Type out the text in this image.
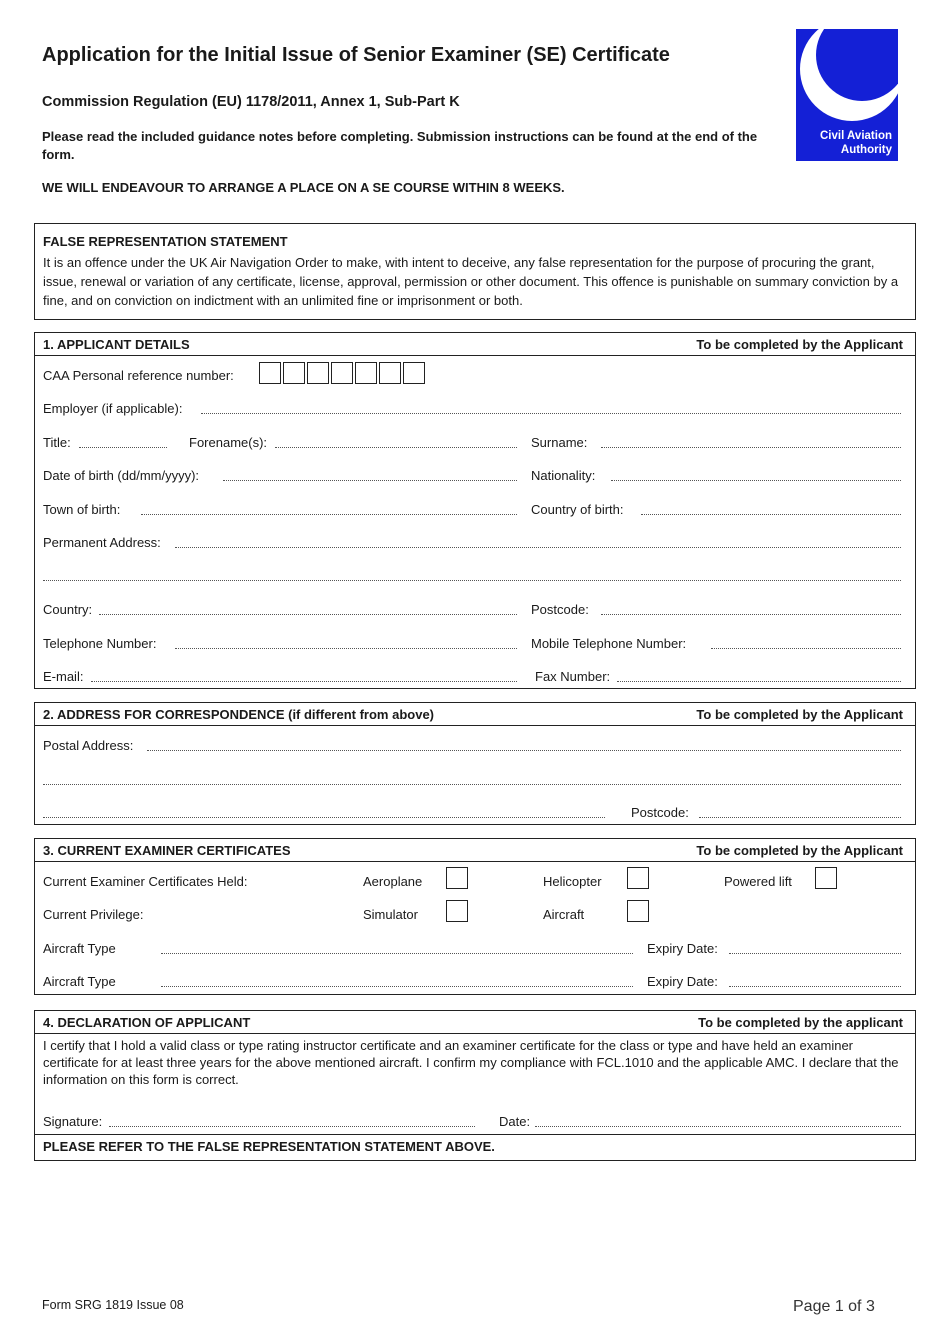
Application for the Initial Issue of Senior Examiner (SE) Certificate
Commission Regulation (EU) 1178/2011, Annex 1, Sub-Part K
Please read the included guidance notes before completing. Submission instructions can be found at the end of the form.
WE WILL ENDEAVOUR TO ARRANGE A PLACE ON A SE COURSE WITHIN 8 WEEKS.
Civil Aviation
Authority
FALSE REPRESENTATION STATEMENT
It is an offence under the UK Air Navigation Order to make, with intent to deceive, any false representation for the purpose of procuring the grant, issue, renewal or variation of any certificate, license, approval, permission or other document. This offence is punishable on summary conviction by a fine, and on conviction on indictment with an unlimited fine or imprisonment or both.
1. APPLICANT DETAILS	To be completed by the Applicant
CAA Personal reference number:
Employer (if applicable):
Title:	Forename(s):	Surname:
Date of birth (dd/mm/yyyy):	Nationality:
Town of birth:	Country of birth:
Permanent Address:
Country:	Postcode:
Telephone Number:	Mobile Telephone Number:
E-mail:	Fax Number:
2. ADDRESS FOR CORRESPONDENCE (if different from above)	To be completed by the Applicant
Postal Address:
Postcode:
3. CURRENT EXAMINER CERTIFICATES	To be completed by the Applicant
Current Examiner Certificates Held:	Aeroplane	Helicopter	Powered lift
Current Privilege:	Simulator	Aircraft
Aircraft Type	Expiry Date:
Aircraft Type	Expiry Date:
4. DECLARATION OF APPLICANT	To be completed by the applicant
I certify that I hold a valid class or type rating instructor certificate and an examiner certificate for the class or type and have held an examiner certificate for at least three years for the above mentioned aircraft. I confirm my compliance with FCL.1010 and the applicable AMC. I declare that the information on this form is correct.
Signature:	Date:
PLEASE REFER TO THE FALSE REPRESENTATION STATEMENT ABOVE.
Form SRG 1819 Issue 08	Page 1 of 3
